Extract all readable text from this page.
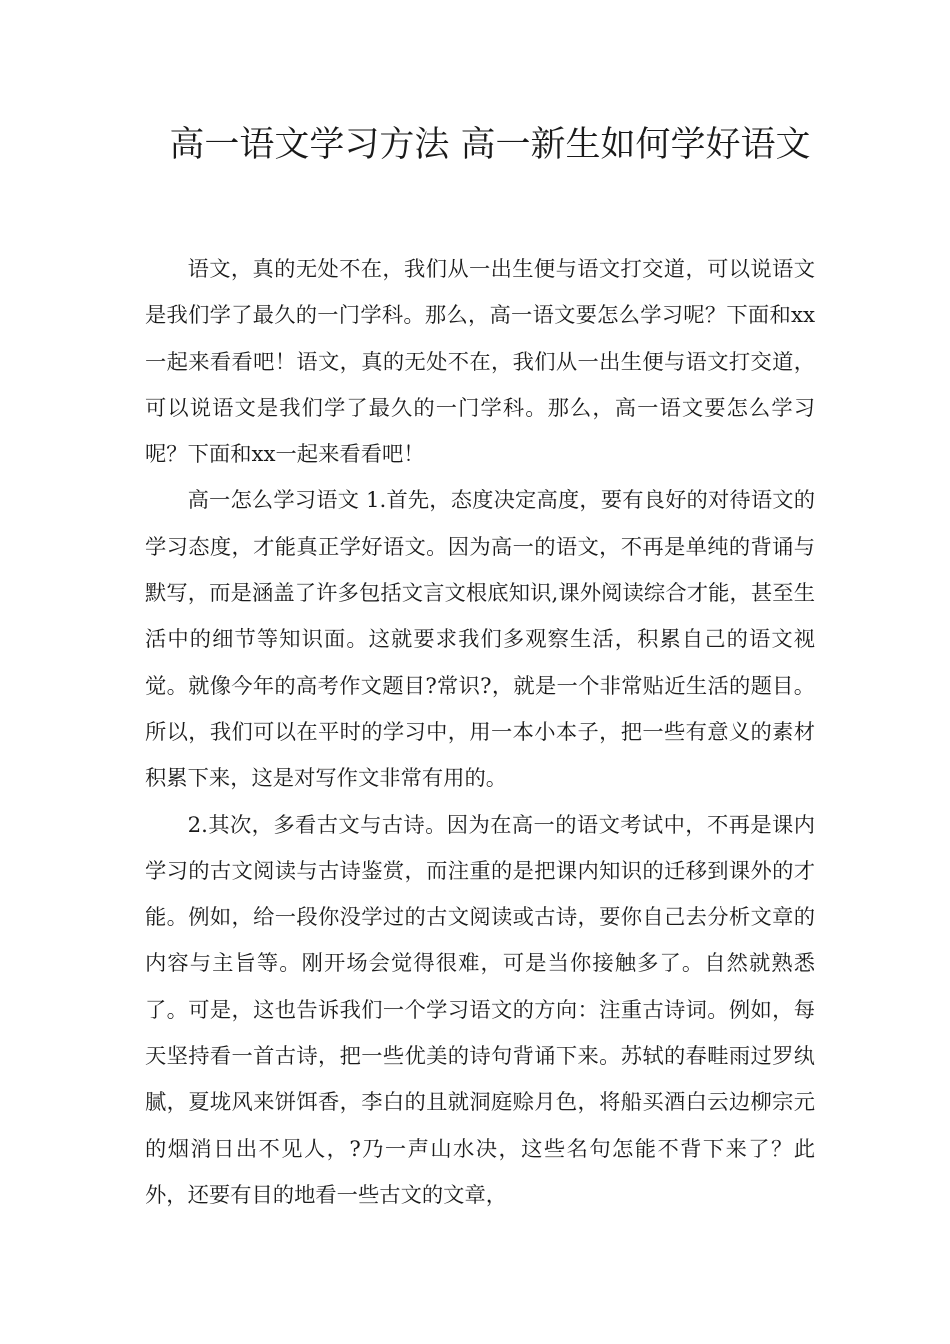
高一语文学习方法 高一新生如何学好语文

语文，真的无处不在，我们从一出生便与语文打交道，可以说语文是我们学了最久的一门学科。那么，高一语文要怎么学习呢？下面和xx一起来看看吧！语文，真的无处不在，我们从一出生便与语文打交道，可以说语文是我们学了最久的一门学科。那么，高一语文要怎么学习呢？下面和xx一起来看看吧！

高一怎么学习语文 1.首先，态度决定高度，要有良好的对待语文的学习态度，才能真正学好语文。因为高一的语文，不再是单纯的背诵与默写，而是涵盖了许多包括文言文根底知识,课外阅读综合才能，甚至生活中的细节等知识面。这就要求我们多观察生活，积累自己的语文视觉。就像今年的高考作文题目?常识?，就是一个非常贴近生活的题目。所以，我们可以在平时的学习中，用一本小本子，把一些有意义的素材积累下来，这是对写作文非常有用的。

2.其次，多看古文与古诗。因为在高一的语文考试中，不再是课内学习的古文阅读与古诗鉴赏，而注重的是把课内知识的迁移到课外的才能。例如，给一段你没学过的古文阅读或古诗，要你自己去分析文章的内容与主旨等。刚开场会觉得很难，可是当你接触多了。自然就熟悉了。可是，这也告诉我们一个学习语文的方向：注重古诗词。例如，每天坚持看一首古诗，把一些优美的诗句背诵下来。苏轼的春畦雨过罗纨腻，夏垅风来饼饵香，李白的且就洞庭赊月色，将船买酒白云边柳宗元的烟消日出不见人，?乃一声山水决，这些名句怎能不背下来了？此外，还要有目的地看一些古文的文章，
